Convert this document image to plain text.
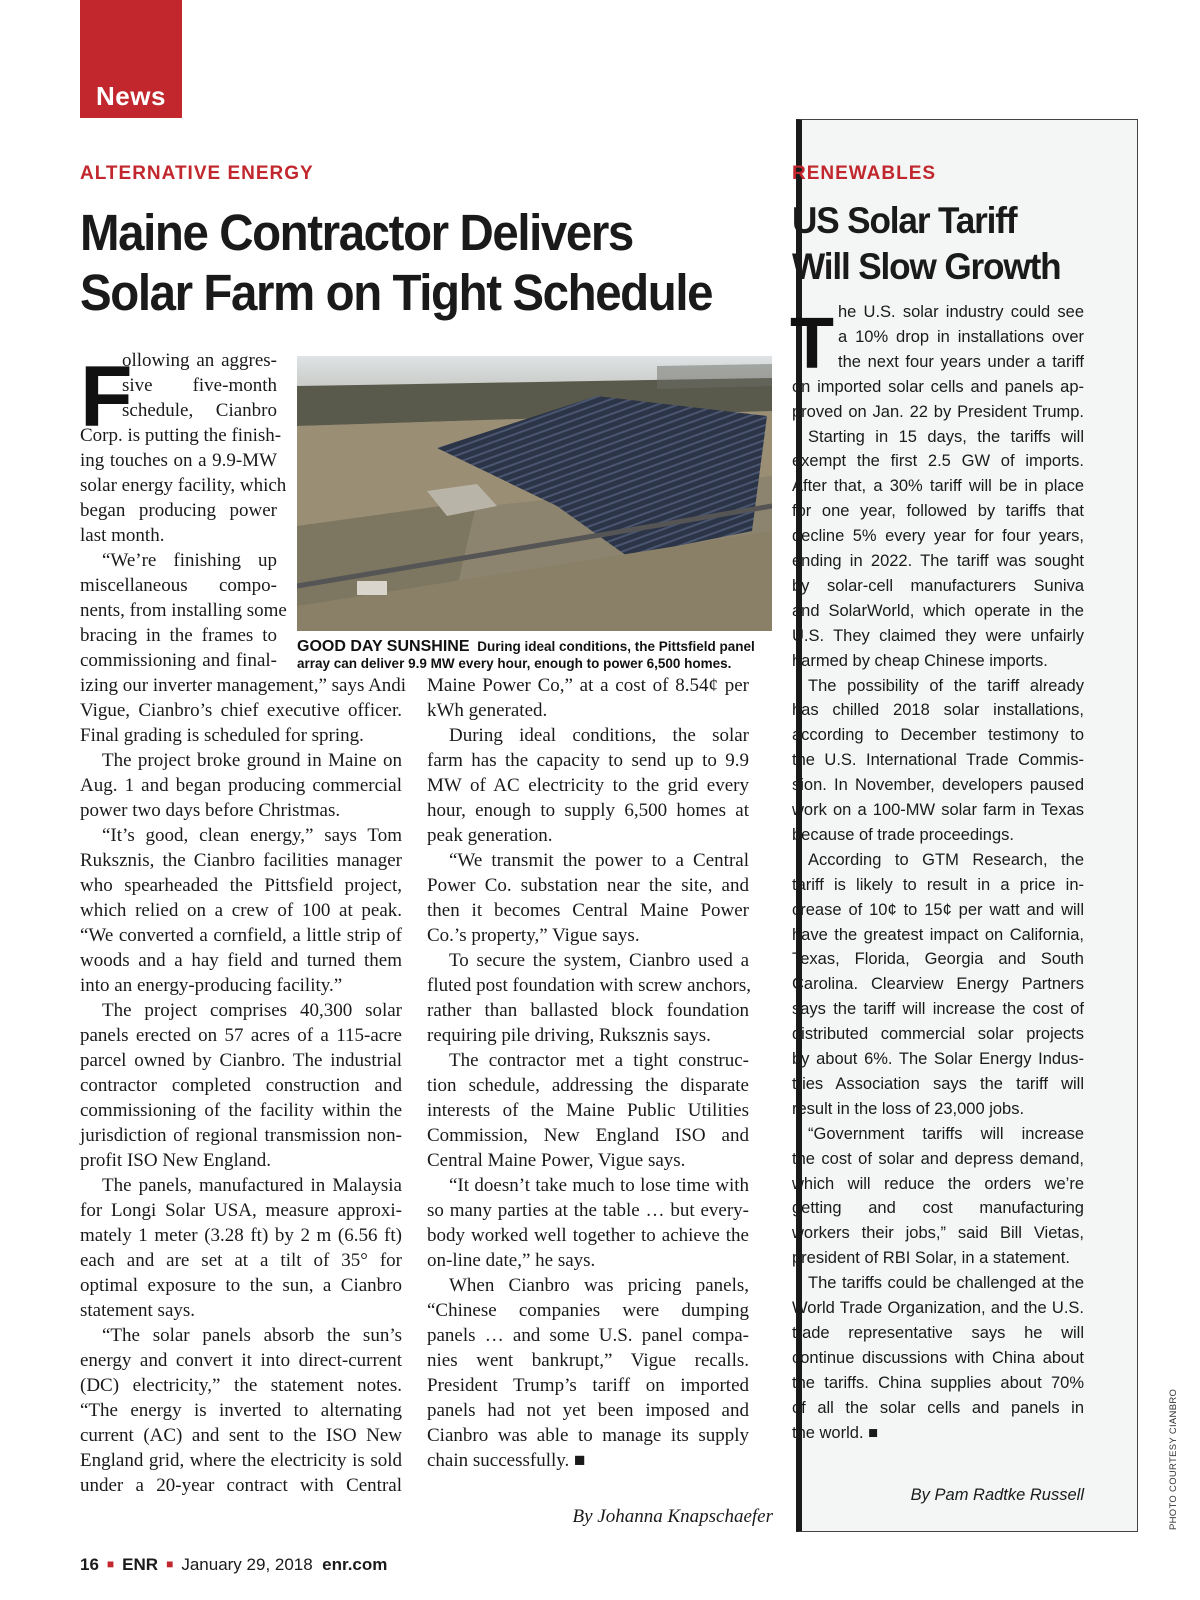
News
ALTERNATIVE ENERGY
Maine Contractor Delivers Solar Farm on Tight Schedule
RENEWABLES
US Solar Tariff Will Slow Growth
GOOD DAY SUNSHINE During ideal conditions, the Pittsfield panel array can deliver 9.9 MW every hour, enough to power 6,500 homes.
F
T
ollowing an aggres-
sive five-month
schedule, Cianbro
Corp. is putting the finish-
ing touches on a 9.9-MW
solar energy facility, which
began producing power
last month.
“We’re finishing up
miscellaneous compo-
nents, from installing some
bracing in the frames to
commissioning and final-
izing our inverter management,” says Andi
Vigue, Cianbro’s chief executive officer.
Final grading is scheduled for spring.
The project broke ground in Maine on
Aug. 1 and began producing commercial
power two days before Christmas.
“It’s good, clean energy,” says Tom
Ruksznis, the Cianbro facilities manager
who spearheaded the Pittsfield project,
which relied on a crew of 100 at peak.
“We converted a cornfield, a little strip of
woods and a hay field and turned them
into an energy-producing facility.”
The project comprises 40,300 solar
panels erected on 57 acres of a 115-acre
parcel owned by Cianbro. The industrial
contractor completed construction and
commissioning of the facility within the
jurisdiction of regional transmission non-
profit ISO New England.
The panels, manufactured in Malaysia
for Longi Solar USA, measure approxi-
mately 1 meter (3.28 ft) by 2 m (6.56 ft)
each and are set at a tilt of 35° for
optimal exposure to the sun, a Cianbro
statement says.
“The solar panels absorb the sun’s
energy and convert it into direct-current
(DC) electricity,” the statement notes.
“The energy is inverted to alternating
current (AC) and sent to the ISO New
England grid, where the electricity is sold
under a 20-year contract with Central
Maine Power Co,” at a cost of 8.54¢ per
kWh generated.
During ideal conditions, the solar
farm has the capacity to send up to 9.9
MW of AC electricity to the grid every
hour, enough to supply 6,500 homes at
peak generation.
“We transmit the power to a Central
Power Co. substation near the site, and
then it becomes Central Maine Power
Co.’s property,” Vigue says.
To secure the system, Cianbro used a
fluted post foundation with screw anchors,
rather than ballasted block foundation
requiring pile driving, Ruksznis says.
The contractor met a tight construc-
tion schedule, addressing the disparate
interests of the Maine Public Utilities
Commission, New England ISO and
Central Maine Power, Vigue says.
“It doesn’t take much to lose time with
so many parties at the table … but every-
body worked well together to achieve the
on-line date,” he says.
When Cianbro was pricing panels,
“Chinese companies were dumping
panels … and some U.S. panel compa-
nies went bankrupt,” Vigue recalls.
President Trump’s tariff on imported
panels had not yet been imposed and
Cianbro was able to manage its supply
chain successfully. ■
he U.S. solar industry could see
a 10% drop in installations over
the next four years under a tariff
on imported solar cells and panels ap-
proved on Jan. 22 by President Trump.
Starting in 15 days, the tariffs will
exempt the first 2.5 GW of imports.
After that, a 30% tariff will be in place
for one year, followed by tariffs that
decline 5% every year for four years,
ending in 2022. The tariff was sought
by solar-cell manufacturers Suniva
and SolarWorld, which operate in the
U.S. They claimed they were unfairly
harmed by cheap Chinese imports.
The possibility of the tariff already
has chilled 2018 solar installations,
according to December testimony to
the U.S. International Trade Commis-
sion. In November, developers paused
work on a 100-MW solar farm in Texas
because of trade proceedings.
According to GTM Research, the
tariff is likely to result in a price in-
crease of 10¢ to 15¢ per watt and will
have the greatest impact on California,
Texas, Florida, Georgia and South
Carolina. Clearview Energy Partners
says the tariff will increase the cost of
distributed commercial solar projects
by about 6%. The Solar Energy Indus-
tries Association says the tariff will
result in the loss of 23,000 jobs.
“Government tariffs will increase
the cost of solar and depress demand,
which will reduce the orders we’re
getting and cost manufacturing
workers their jobs,” said Bill Vietas,
president of RBI Solar, in a statement.
The tariffs could be challenged at the
World Trade Organization, and the U.S.
trade representative says he will
continue discussions with China about
the tariffs. China supplies about 70%
of all the solar cells and panels in
the world. ■
By Johanna Knapschaefer
By Pam Radtke Russell	PHOTO COURTESY CIANBRO
16 ■ ENR ■ January 29, 2018 enr.com
